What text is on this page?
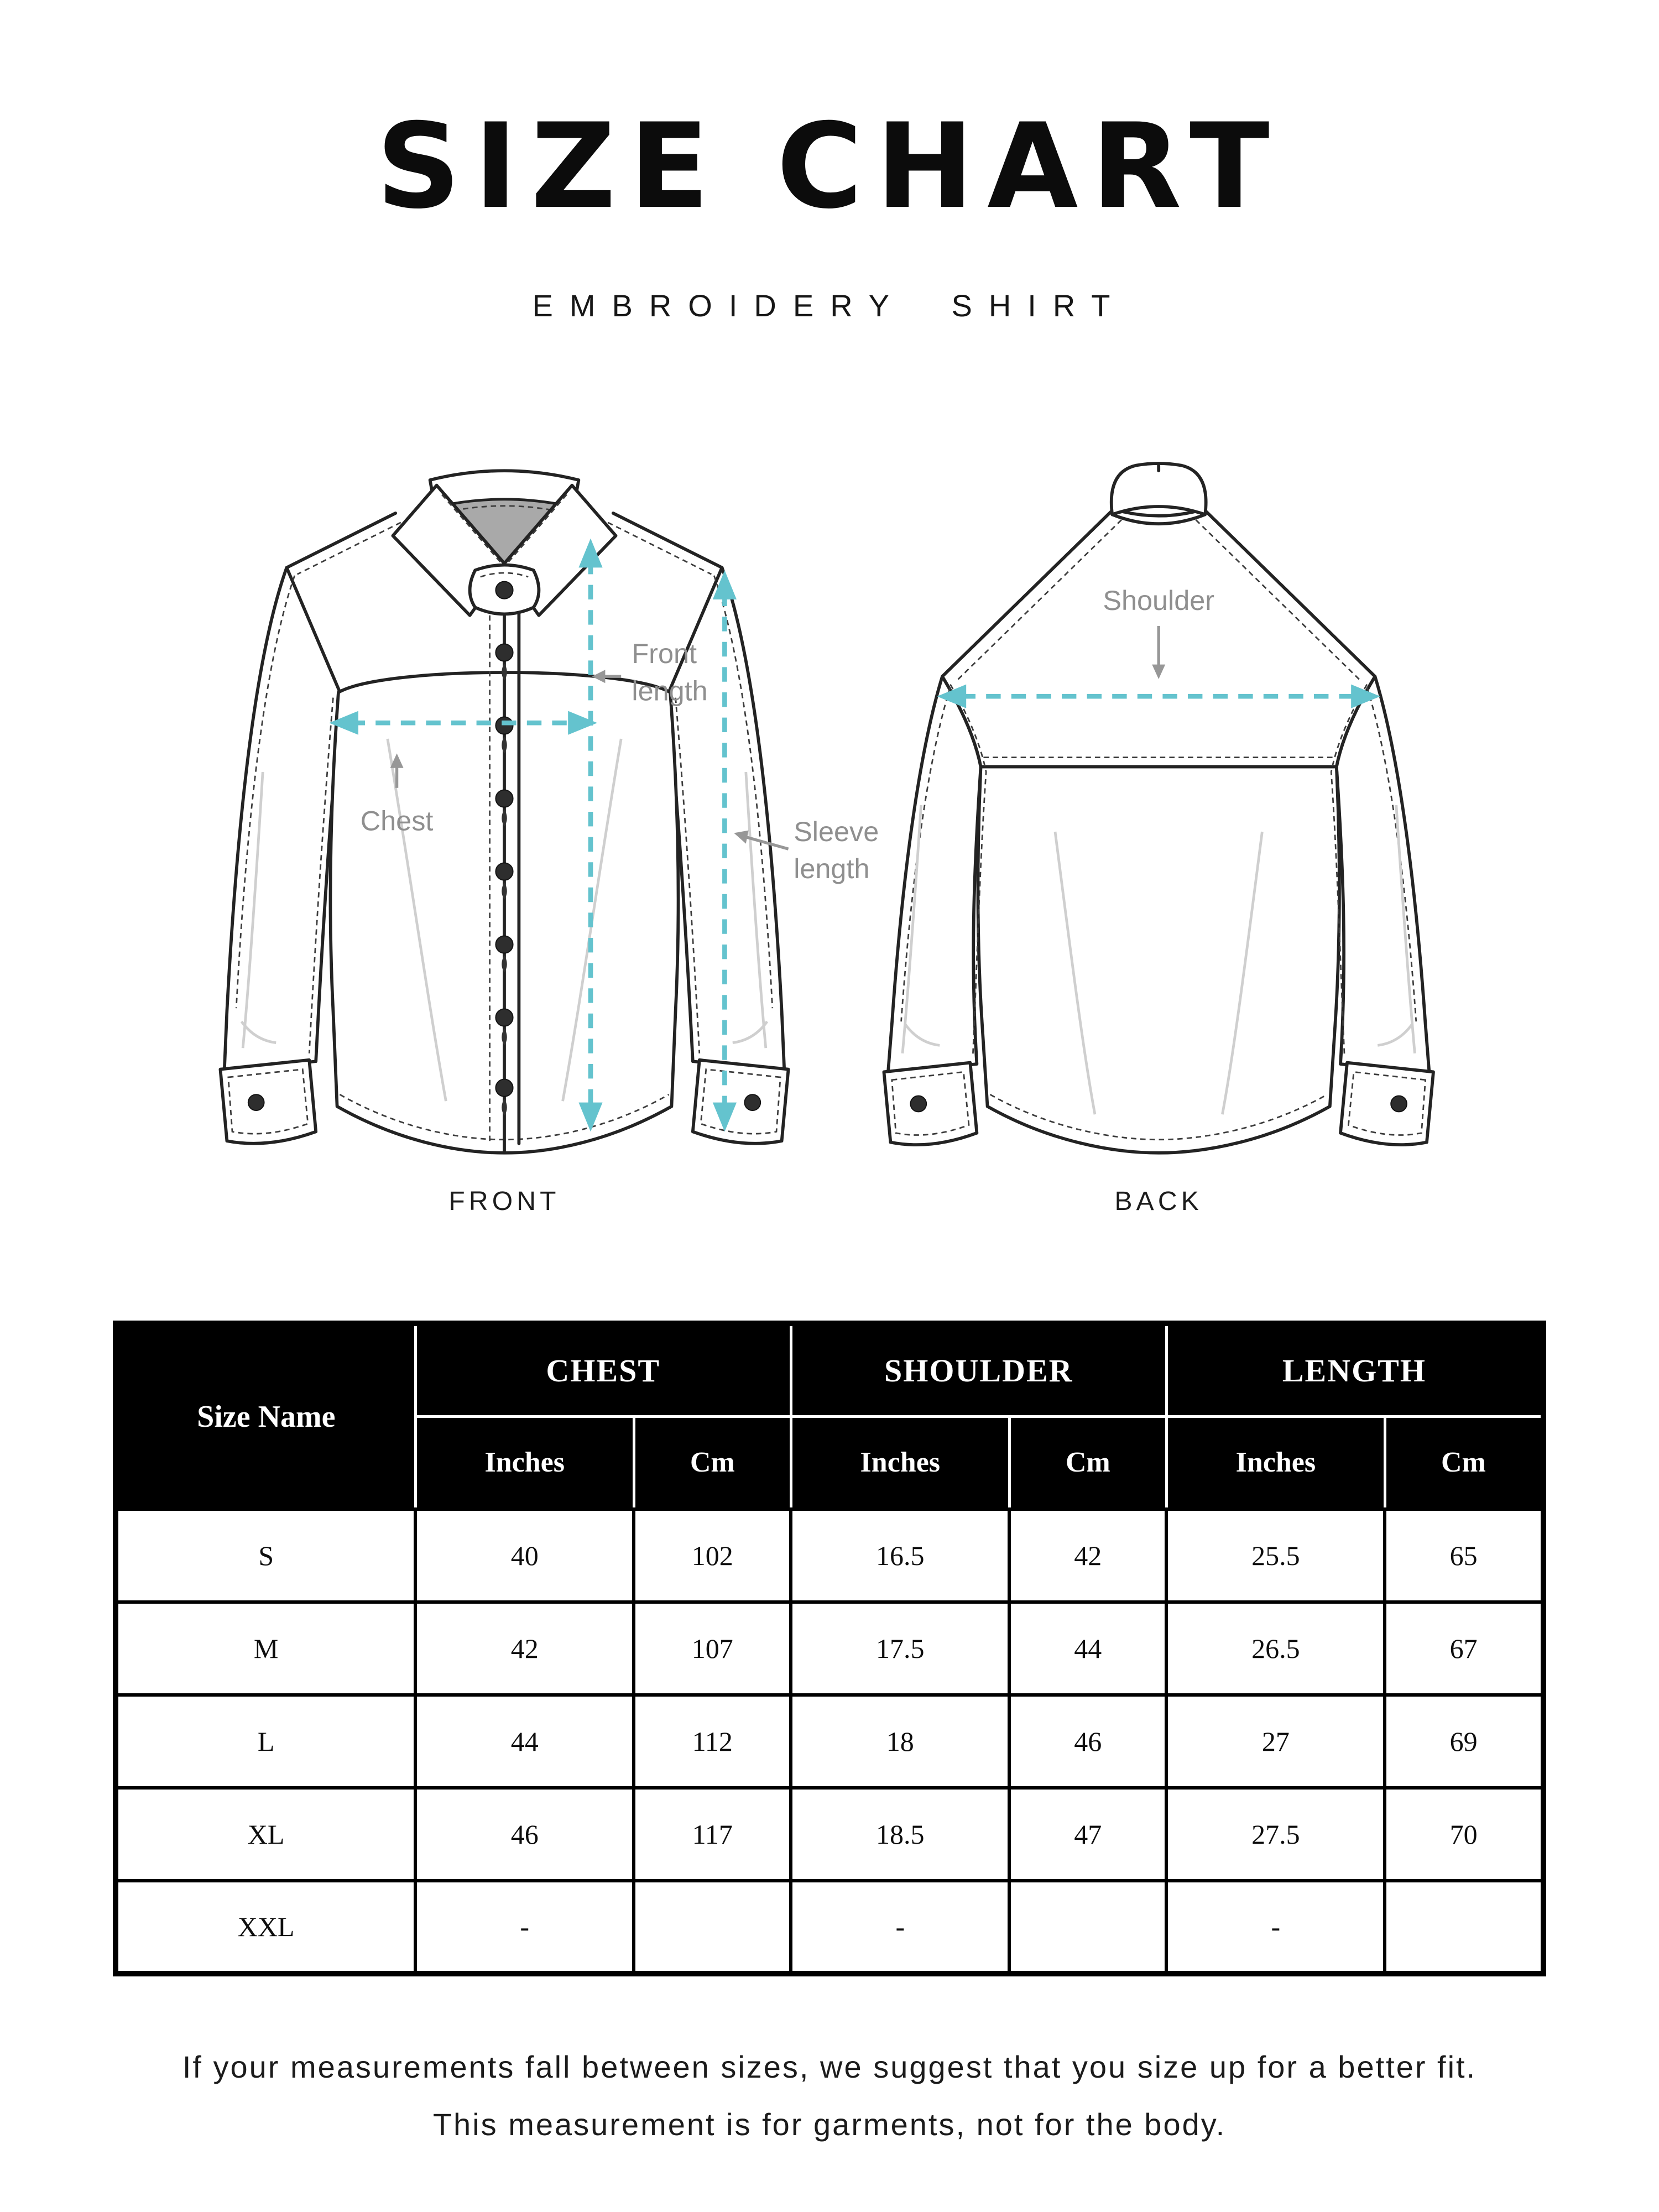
SIZE CHART
EMBROIDERY SHIRT
Front
length
Chest	Sleeve
length
FRONT
Shoulder
BACK
Size Name	CHEST		SHOULDER		LENGTH	
	Inches	Cm	Inches	Cm	Inches	Cm
S	40	102	16.5	42	25.5	65
M	42	107	17.5	44	26.5	67
L	44	112	18	46	27	69
XL	46	117	18.5	47	27.5	70
XXL	-		-		-	
If your measurements fall between sizes, we suggest that you size up for a better fit.
This measurement is for garments, not for the body.
